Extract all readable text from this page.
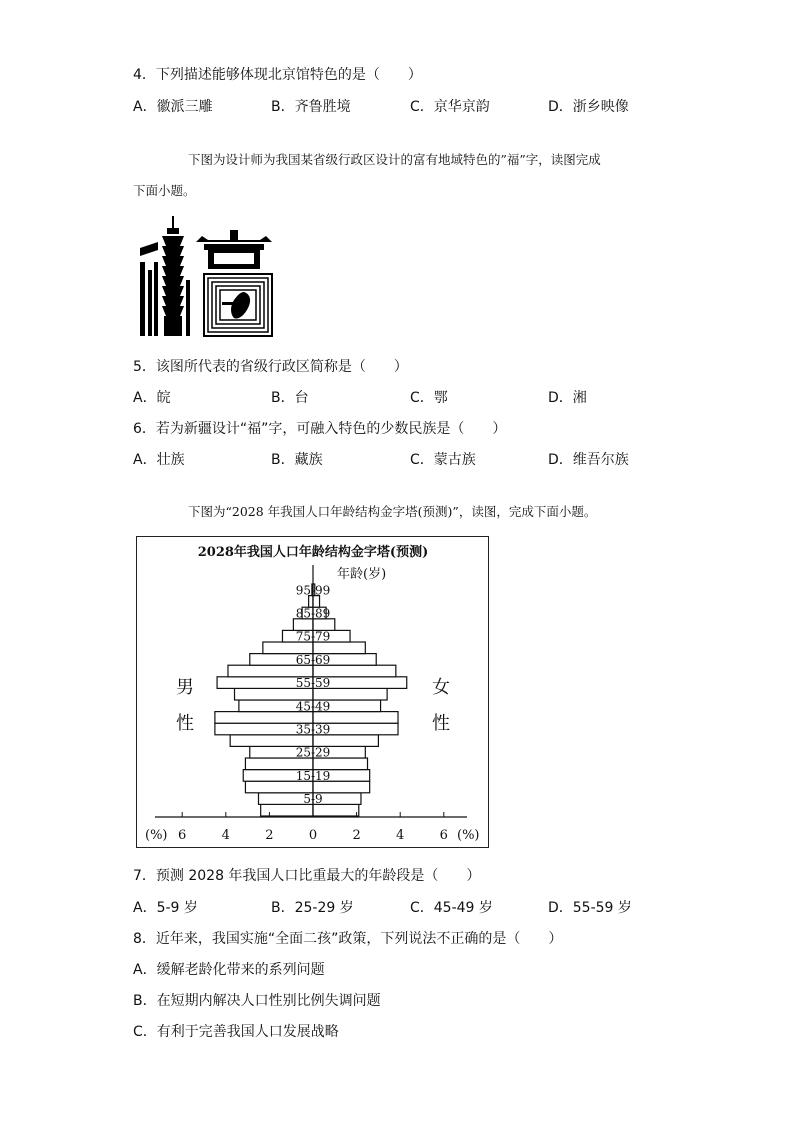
4．下列描述能够体现北京馆特色的是（　　）
A．徽派三雕	B．齐鲁胜境	C．京华京韵	D．浙乡映像
下图为设计师为我国某省级行政区设计的富有地域特色的”福”字，读图完成
下面小题。
5．该图所代表的省级行政区简称是（　　）
A．皖	B．台	C．鄂	D．湘
6．若为新疆设计“福”字，可融入特色的少数民族是（　　）
A．壮族	B．藏族	C．蒙古族	D．维吾尔族
下图为“2028 年我国人口年龄结构金字塔(预测)”，读图，完成下面小题。
2028年我国人口年龄结构金字塔(预测)
年龄(岁)
男
性
女
性
(%)	(%)
5-9
15-19
25-29
35-39
45-49
55-59
65-69
75-79
85-89
95-99
6	4	2	0	2	4	6
7．预测 2028 年我国人口比重最大的年龄段是（　　）
A．5-9 岁	B．25-29 岁	C．45-49 岁	D．55-59 岁
8．近年来，我国实施“全面二孩”政策，下列说法不正确的是（　　）
A．缓解老龄化带来的系列问题
B．在短期内解决人口性别比例失调问题
C．有利于完善我国人口发展战略
